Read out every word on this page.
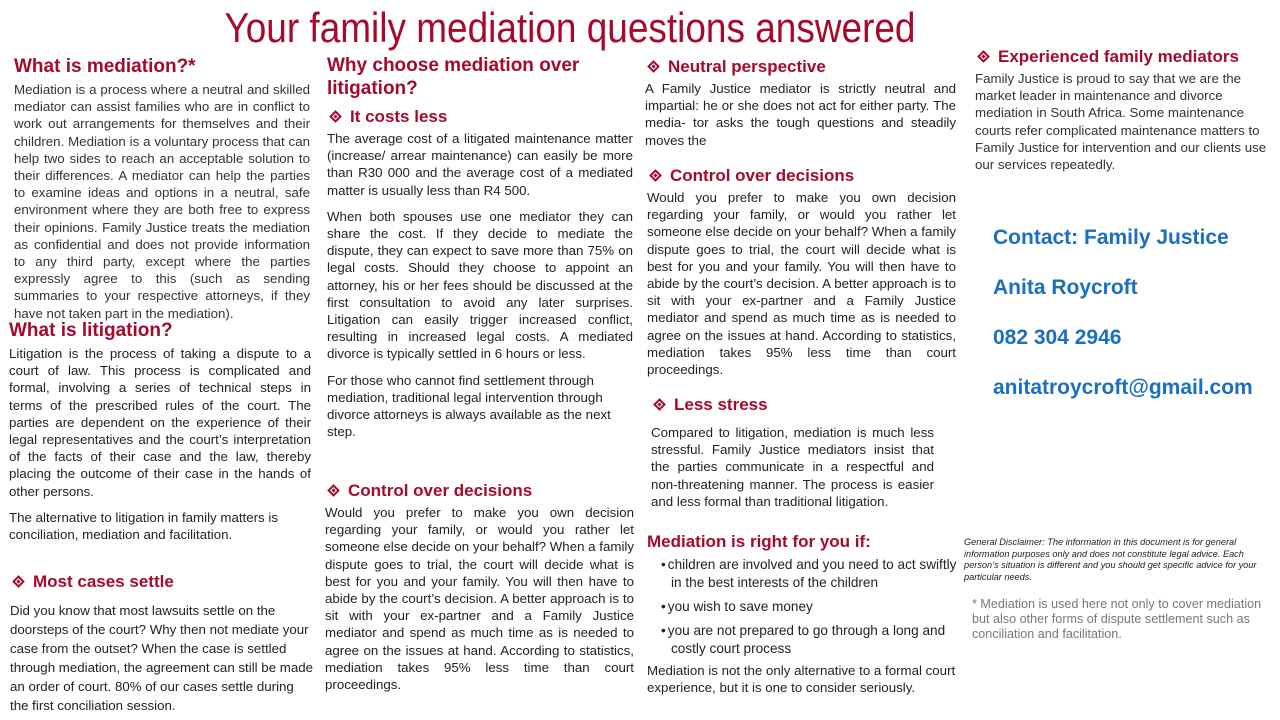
Your family mediation questions answered
What is mediation?*

Mediation is a process where a neutral and skilled mediator can assist families who are in conflict to work out arrangements for themselves and their children. Mediation is a voluntary process that can help two sides to reach an acceptable solution to their differences. A mediator can help the parties to examine ideas and options in a neutral, safe environment where they are both free to express their opinions. Family Justice treats the mediation as confidential and does not provide information to any third party, except where the parties expressly agree to this (such as sending summaries to your respective attorneys, if they have not taken part in the mediation).

What is litigation?

Litigation is the process of taking a dispute to a court of law. This process is complicated and formal, involving a series of technical steps in terms of the prescribed rules of the court. The parties are dependent on the experience of their legal representatives and the court’s interpretation of the facts of their case and the law, thereby placing the outcome of their case in the hands of other persons.

The alternative to litigation in family matters is conciliation, mediation and facilitation.

Most cases settle

Did you know that most lawsuits settle on the doorsteps of the court? Why then not mediate your case from the outset? When the case is settled through mediation, the agreement can still be made an order of court. 80% of our cases settle during the first conciliation session.

Why choose mediation over litigation?
It costs less

The average cost of a litigated maintenance matter (increase/ arrear maintenance) can easily be more than R30 000 and the average cost of a mediated matter is usually less than R4 500.

When both spouses use one mediator they can share the cost. If they decide to mediate the dispute, they can expect to save more than 75% on legal costs. Should they choose to appoint an attorney, his or her fees should be discussed at the first consultation to avoid any later surprises. Litigation can easily trigger increased conflict, resulting in increased legal costs. A mediated divorce is typically settled in 6 hours or less.

For those who cannot find settlement through mediation, traditional legal intervention through divorce attorneys is always available as the next step.

Control over decisions

Would you prefer to make you own decision regarding your family, or would you rather let someone else decide on your behalf? When a family dispute goes to trial, the court will decide what is best for you and your family. You will then have to abide by the court’s decision. A better approach is to sit with your ex-partner and a Family Justice mediator and spend as much time as is needed to agree on the issues at hand. According to statistics, mediation takes 95% less time than court proceedings.

Neutral perspective

A Family Justice mediator is strictly neutral and impartial: he or she does not act for either party. The media- tor asks the tough questions and steadily moves the

Control over decisions

Would you prefer to make you own decision regarding your family, or would you rather let someone else decide on your behalf? When a family dispute goes to trial, the court will decide what is best for you and your family. You will then have to abide by the court’s decision. A better approach is to sit with your ex-partner and a Family Justice mediator and spend as much time as is needed to agree on the issues at hand. According to statistics, mediation takes 95% less time than court proceedings.

Less stress

Compared to litigation, mediation is much less stressful. Family Justice mediators insist that the parties communicate in a respectful and non-threatening manner. The process is easier and less formal than traditional litigation.

Mediation is right for you if:
• children are involved and you need to act swiftly in the best interests of the children
• you wish to save money
• you are not prepared to go through a long and costly court process

Mediation is not the only alternative to a formal court experience, but it is one to consider seriously.

Experienced family mediators

Family Justice is proud to say that we are the market leader in maintenance and divorce mediation in South Africa. Some maintenance courts refer complicated maintenance matters to Family Justice for intervention and our clients use our services repeatedly.

Contact: Family Justice
Anita Roycroft
082 304 2946
anitatroycroft@gmail.com
General Disclaimer: The information in this document is for general information purposes only and does not constitute legal advice. Each person’s situation is different and you should get specific advice for your particular needs.
* Mediation is used here not only to cover mediation but also other forms of dispute settlement such as conciliation and facilitation.
